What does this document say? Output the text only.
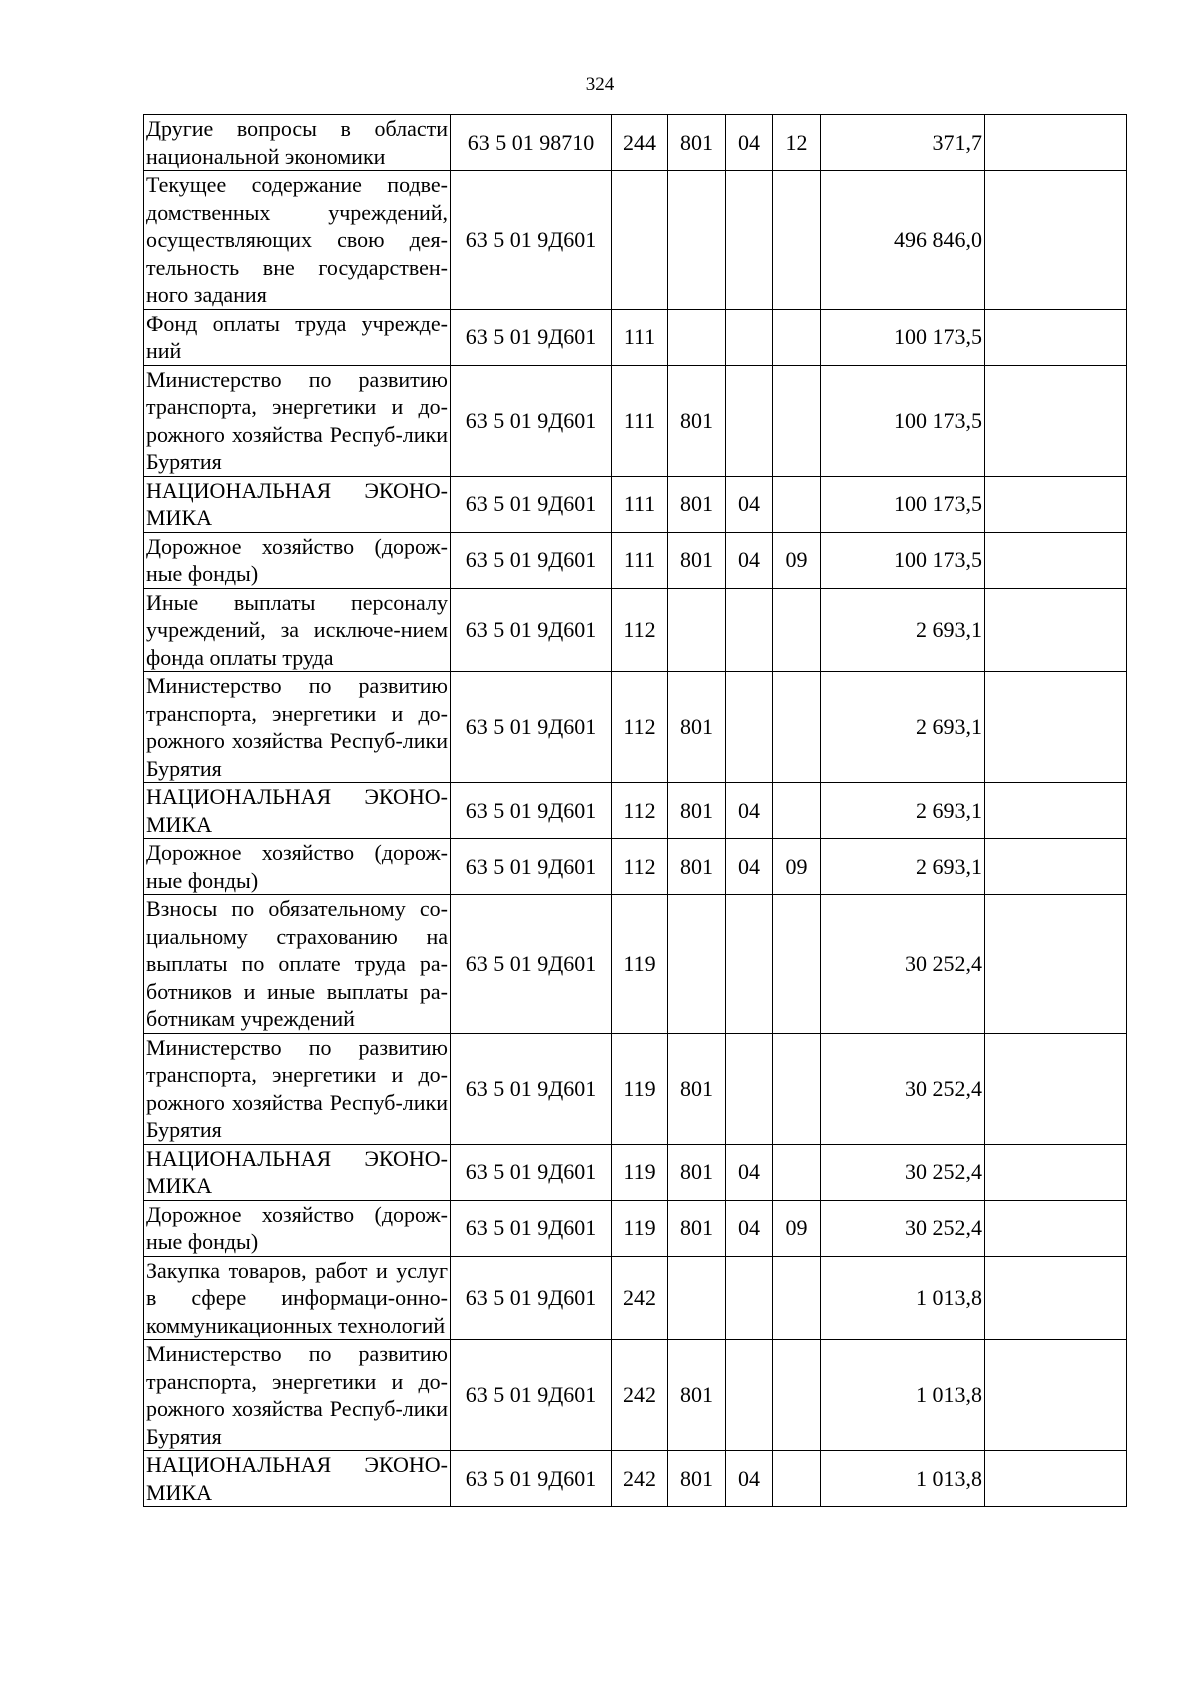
324
Другие вопросы в области национальной экономики	63 5 01 98710	244	801	04	12	371,7	
Текущее содержание подве-домственных учреждений, осуществляющих свою дея-тельность вне государствен-ного задания	63 5 01 9Д601					496 846,0	
Фонд оплаты труда учрежде-ний	63 5 01 9Д601	111				100 173,5	
Министерство по развитию транспорта, энергетики и до-рожного хозяйства Респуб-лики Бурятия	63 5 01 9Д601	111	801			100 173,5	
НАЦИОНАЛЬНАЯ ЭКОНО-МИКА	63 5 01 9Д601	111	801	04		100 173,5	
Дорожное хозяйство (дорож-ные фонды)	63 5 01 9Д601	111	801	04	09	100 173,5	
Иные выплаты персоналу учреждений, за исключе-нием фонда оплаты труда	63 5 01 9Д601	112				2 693,1	
Министерство по развитию транспорта, энергетики и до-рожного хозяйства Респуб-лики Бурятия	63 5 01 9Д601	112	801			2 693,1	
НАЦИОНАЛЬНАЯ ЭКОНО-МИКА	63 5 01 9Д601	112	801	04		2 693,1	
Дорожное хозяйство (дорож-ные фонды)	63 5 01 9Д601	112	801	04	09	2 693,1	
Взносы по обязательному со-циальному страхованию на выплаты по оплате труда ра-ботников и иные выплаты ра-ботникам учреждений	63 5 01 9Д601	119				30 252,4	
Министерство по развитию транспорта, энергетики и до-рожного хозяйства Респуб-лики Бурятия	63 5 01 9Д601	119	801			30 252,4	
НАЦИОНАЛЬНАЯ ЭКОНО-МИКА	63 5 01 9Д601	119	801	04		30 252,4	
Дорожное хозяйство (дорож-ные фонды)	63 5 01 9Д601	119	801	04	09	30 252,4	
Закупка товаров, работ и услуг в сфере информаци-онно-коммуникационных технологий	63 5 01 9Д601	242				1 013,8	
Министерство по развитию транспорта, энергетики и до-рожного хозяйства Респуб-лики Бурятия	63 5 01 9Д601	242	801			1 013,8	
НАЦИОНАЛЬНАЯ ЭКОНО-МИКА	63 5 01 9Д601	242	801	04		1 013,8	
